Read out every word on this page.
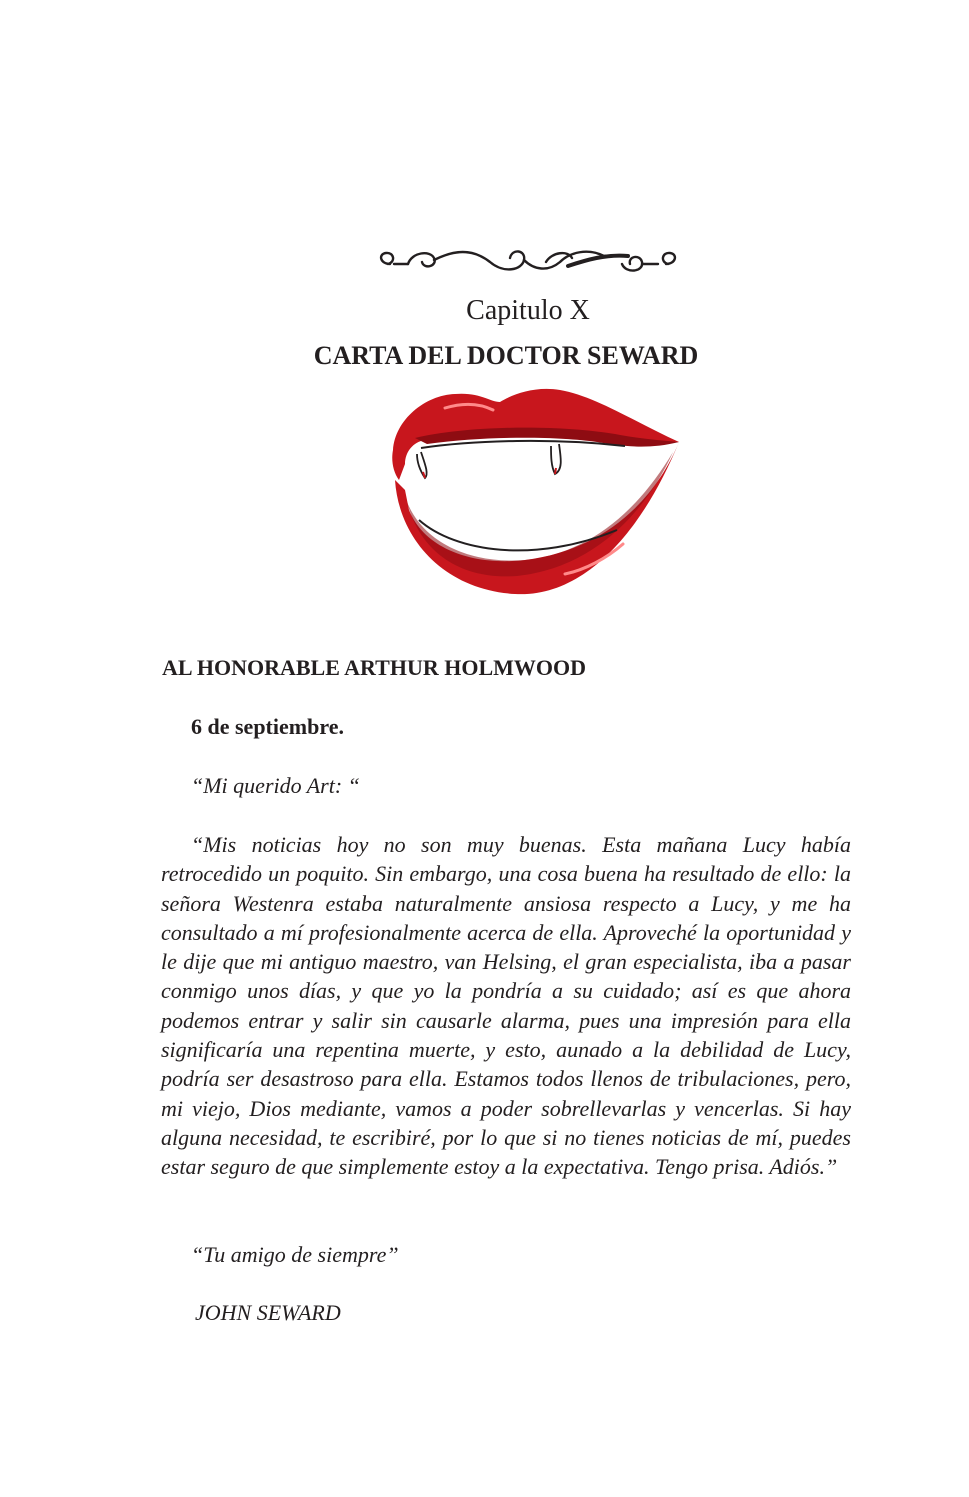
Capitulo X
CARTA DEL DOCTOR SEWARD
AL HONORABLE ARTHUR HOLMWOOD
6 de septiembre.
“Mi querido Art: “
“Mis noticias hoy no son muy buenas. Esta mañana Lucy había retrocedido un poquito. Sin embargo, una cosa buena ha resultado de ello: la señora Westenra estaba naturalmente ansiosa respecto a Lucy, y me ha consultado a mí profesionalmente acerca de ella. Aproveché la oportunidad y le dije que mi antiguo maestro, van Helsing, el gran especialista, iba a pasar conmigo unos días, y que yo la pondría a su cuidado; así es que ahora podemos entrar y salir sin causarle alarma, pues una impresión para ella significaría una repentina muerte, y esto, aunado a la debilidad de Lucy, podría ser desastroso para ella. Estamos todos llenos de tribulaciones, pero, mi viejo, Dios mediante, vamos a poder sobrellevarlas y vencerlas. Si hay alguna necesidad, te escribiré, por lo que si no tienes noticias de mí, puedes estar seguro de que simplemente estoy a la expectativa. Tengo prisa. Adiós.”
“Tu amigo de siempre”
JOHN SEWARD
